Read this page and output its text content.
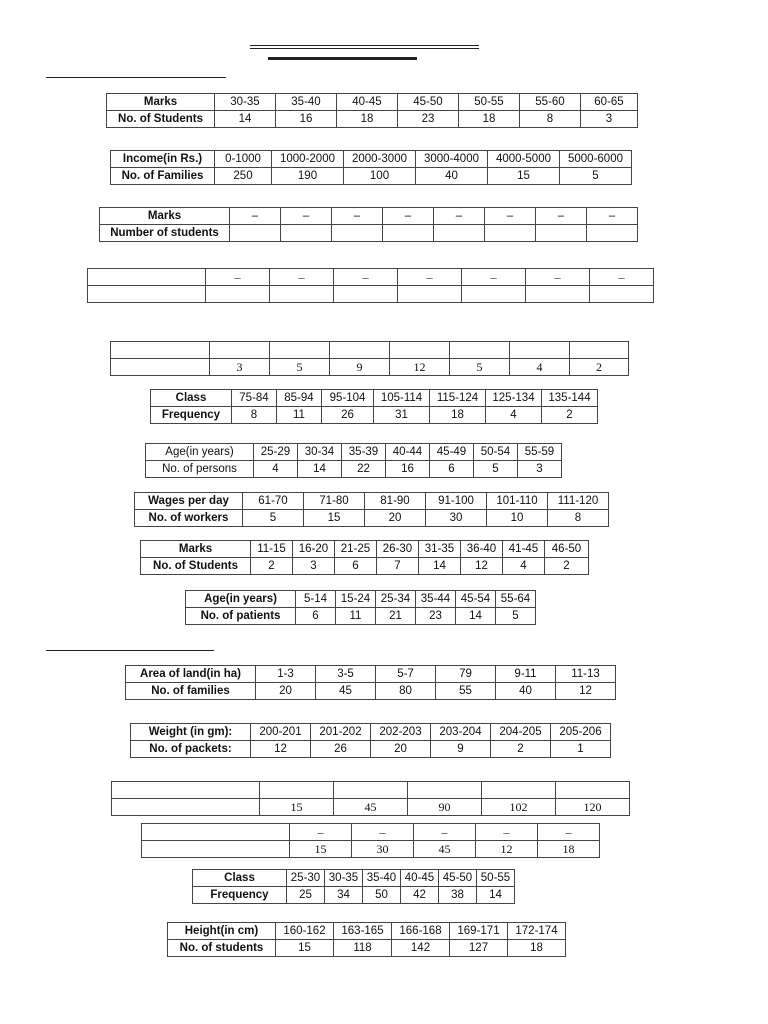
Marks	30-35	35-40	40-45	45-50	50-55	55-60	60-65
No. of Students	14	16	18	23	18	8	3
Income(in Rs.)	0-1000	1000-2000	2000-3000	3000-4000	4000-5000	5000-6000
No. of Families	250	190	100	40	15	5
Marks	–	–	–	–	–	–	–	–
Number of students								
	–	–	–	–	–	–	–

	3	5	9	12	5	4	2
Class	75-84	85-94	95-104	105-114	115-124	125-134	135-144
Frequency	8	11	26	31	18	4	2
Age(in years)	25-29	30-34	35-39	40-44	45-49	50-54	55-59
No. of persons	4	14	22	16	6	5	3
Wages per day	61-70	71-80	81-90	91-100	101-110	111-120
No. of workers	5	15	20	30	10	8
Marks	11-15	16-20	21-25	26-30	31-35	36-40	41-45	46-50
No. of Students	2	3	6	7	14	12	4	2
Age(in years)	5-14	15-24	25-34	35-44	45-54	55-64
No. of patients	6	11	21	23	14	5
Area of land(in ha)	1-3	3-5	5-7	79	9-11	11-13
No. of families	20	45	80	55	40	12
Weight (in gm):	200-201	201-202	202-203	203-204	204-205	205-206
No. of packets:	12	26	20	9	2	1

	15	45	90	102	120
	–	–	–	–	–
	15	30	45	12	18
Class	25-30	30-35	35-40	40-45	45-50	50-55
Frequency	25	34	50	42	38	14
Height(in cm)	160-162	163-165	166-168	169-171	172-174
No. of students	15	118	142	127	18
